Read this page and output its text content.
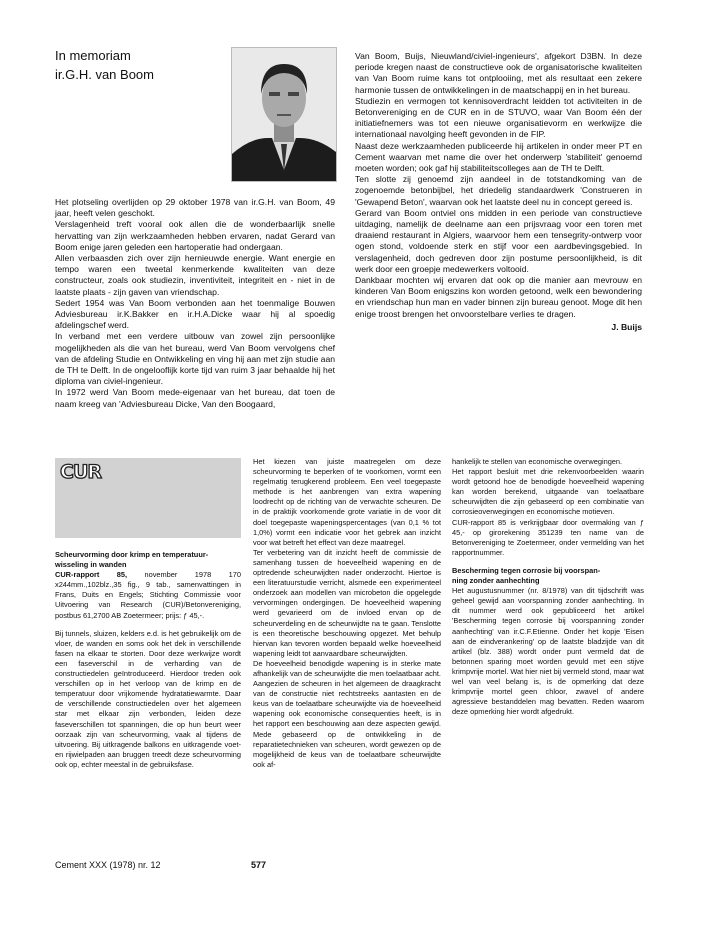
In memoriam
ir.G.H. van Boom

Het plotseling overlijden op 29 oktober 1978 van ir.G.H. van Boom, 49 jaar, heeft velen geschokt.

Verslagenheid treft vooral ook allen die de wonderbaarlijk snelle hervatting van zijn werkzaamheden hebben ervaren, nadat Gerard van Boom enige jaren geleden een hartoperatie had ondergaan.

Allen verbaasden zich over zijn hernieuwde energie. Want energie en tempo waren een tweetal kenmerkende kwaliteiten van deze constructeur, zoals ook studiezin, inventiviteit, integriteit en - niet in de laatste plaats - zijn gaven van vriendschap.

Sedert 1954 was Van Boom verbonden aan het toenmalige Bouwen Adviesbureau ir.K.Bakker en ir.H.A.Dicke waar hij al spoedig afdelingschef werd.

In verband met een verdere uitbouw van zowel zijn persoonlijke mogelijkheden als die van het bureau, werd Van Boom vervolgens chef van de afdeling Studie en Ontwikkeling en ving hij aan met zijn studie aan de TH te Delft. In de ongelooflijk korte tijd van ruim 3 jaar behaalde hij het diploma van civiel-ingenieur.

In 1972 werd Van Boom mede-eigenaar van het bureau, dat toen de naam kreeg van 'Adviesbureau Dicke, Van den Boogaard,

Van Boom, Buijs, Nieuwland/civiel-ingenieurs', afgekort D3BN. In deze periode kregen naast de constructieve ook de organisatorische kwaliteiten van Van Boom ruime kans tot ontplooiing, met als resultaat een zekere harmonie tussen de ontwikkelingen in de maatschappij en in het bureau.

Studiezin en vermogen tot kennisoverdracht leidden tot activiteiten in de Betonvereniging en de CUR en in de STUVO, waar Van Boom één der initiatiefnemers was tot een nieuwe organisatievorm en werkwijze die internationaal navolging heeft gevonden in de FIP.

Naast deze werkzaamheden publiceerde hij artikelen in onder meer PT en Cement waarvan met name die over het onderwerp 'stabiliteit' genoemd moeten worden; ook gaf hij stabiliteitscolleges aan de TH te Delft.

Ten slotte zij genoemd zijn aandeel in de totstandkoming van de zogenoemde betonbijbel, het driedelig standaardwerk 'Construeren in 'Gewapend Beton', waarvan ook het laatste deel nu in concept gereed is.

Gerard van Boom ontviel ons midden in een periode van constructieve uitdaging, namelijk de deelname aan een prijsvraag voor een toren met draaiend restaurant in Algiers, waarvoor hem een tensegrity-ontwerp voor ogen stond, voldoende sterk en stijf voor een aardbevingsgebied. In verslagenheid, doch gedreven door zijn postume persoonlijkheid, is dit werk door een groepje medewerkers voltooid.

Dankbaar mochten wij ervaren dat ook op die manier aan mevrouw en kinderen Van Boom enigszins kon worden getoond, welk een bewondering en vriendschap hun man en vader binnen zijn bureau genoot. Moge dit hen enige troost brengen het onvoorstelbare verlies te dragen.

J. Buijs

CUR

Scheurvorming door krimp en temperatuur-
wisseling in wanden

CUR-rapport 85, november 1978 170 x244mm.,102blz.,35 fig., 9 tab., samenvattingen in Frans, Duits en Engels; Stichting Commissie voor Uitvoering van Research (CUR)/Betonvereniging, postbus 61,2700 AB Zoetermeer; prijs: ƒ 45,-.

Bij tunnels, sluizen, kelders e.d. is het gebruikelijk om de vloer, de wanden en soms ook het dek in verschillende fasen na elkaar te storten. Door deze werkwijze wordt een faseverschil in de verharding van de constructiedelen geïntroduceerd. Hierdoor treden ook verschillen op in het verloop van de krimp en de temperatuur door vrijkomende hydratatiewarmte. Daar de verschillende constructiedelen over het algemeen star met elkaar zijn verbonden, leiden deze faseverschillen tot spanningen, die op hun beurt weer oorzaak zijn van scheurvorming, vaak al tijdens de uitvoering. Bij uitkragende balkons en uitkragende voet- en rijwielpaden aan bruggen treedt deze scheurvorming ook op, echter meestal in de gebruiksfase.

Het kiezen van juiste maatregelen om deze scheurvorming te beperken of te voorkomen, vormt een regelmatig terugkerend probleem. Een veel toegepaste methode is het aanbrengen van extra wapening loodrecht op de richting van de verwachte scheuren. De in de praktijk voorkomende grote variatie in de voor dit doel toegepaste wapeningspercentages (van 0,1 % tot 1,0%) vormt een indicatie voor het gebrek aan inzicht voor wat betreft het effect van deze maatregel.

Ter verbetering van dit inzicht heeft de commissie de samenhang tussen de hoeveelheid wapening en de optredende scheurwijdten nader onderzocht. Hiertoe is een literatuurstudie verricht, alsmede een experimenteel onderzoek aan modellen van microbeton die opgelegde vervormingen ondergingen. De hoeveelheid wapening werd gevarieerd om de invloed ervan op de scheurverdeling en de scheurwijdte na te gaan. Tenslotte is een theoretische beschouwing opgezet. Met behulp hiervan kan tevoren worden bepaald welke hoeveelheid wapening leidt tot aanvaardbare scheurwijdten.

De hoeveelheid benodigde wapening is in sterke mate afhankelijk van de scheurwijdte die men toelaatbaar acht. Aangezien de scheuren in het algemeen de draagkracht van de constructie niet rechtstreeks aantasten en de keus van de toelaatbare scheurwijdte via de hoeveelheid wapening ook economische consequenties heeft, is in het rapport een beschouwing aan deze aspecten gewijd. Mede gebaseerd op de ontwikkeling in de reparatietechnieken van scheuren, wordt gewezen op de mogelijkheid de keus van de toelaatbare scheurwijdte ook af-

hankelijk te stellen van economische overwegingen.

Het rapport besluit met drie rekenvoorbeelden waarin wordt getoond hoe de benodigde hoeveelheid wapening kan worden berekend, uitgaande van toelaatbare scheurwijdten die zijn gebaseerd op een combinatie van corrosieoverwegingen en economische motieven.

CUR-rapport 85 is verkrijgbaar door overmaking van ƒ 45,- op girorekening 351239 ten name van de Betonvereniging te Zoetermeer, onder vermelding van het rapportnummer.

Bescherming tegen corrosie bij voorspan-
ning zonder aanhechting

Het augustusnummer (nr. 8/1978) van dit tijdschrift was geheel gewijd aan voorspanning zonder aanhechting. In dit nummer werd ook gepubliceerd het artikel 'Bescherming tegen corrosie bij voorspanning zonder aanhechting' van ir.C.F.Etienne. Onder het kopje 'Eisen aan de eindverankering' op de laatste bladzijde van dit artikel (blz. 388) wordt onder punt vermeld dat de betonnen sparing moet worden gevuld met een stijve krimpvrije mortel. Wat hier niet bij vermeld stond, maar wat wel van veel belang is, is de opmerking dat deze krimpvrije mortel geen chloor, zwavel of andere agressieve bestanddelen mag bevatten. Reden waarom deze opmerking hier wordt afgedrukt.

Cement XXX (1978) nr. 12	577
